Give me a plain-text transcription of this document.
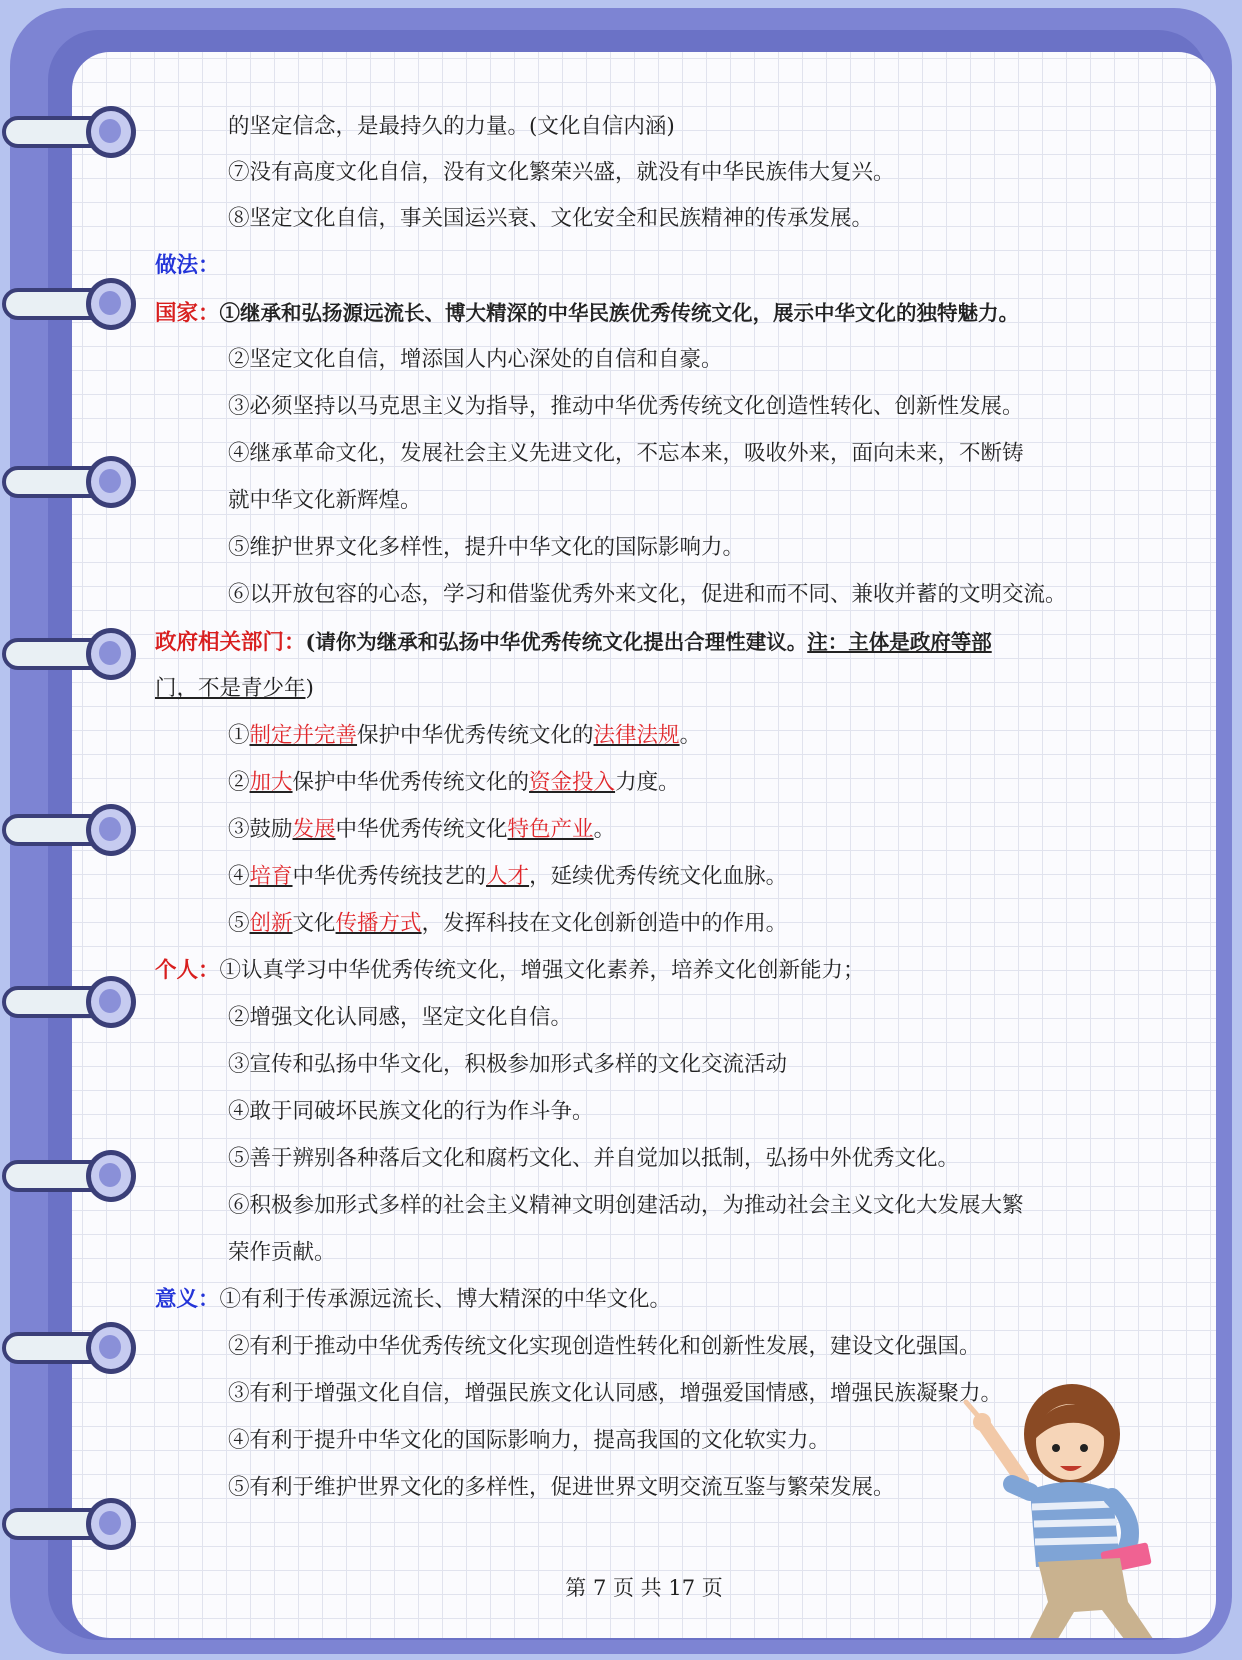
的坚定信念，是最持久的力量。(文化自信内涵)
⑦没有高度文化自信，没有文化繁荣兴盛，就没有中华民族伟大复兴。
⑧坚定文化自信，事关国运兴衰、文化安全和民族精神的传承发展。
做法：
国家：①继承和弘扬源远流长、博大精深的中华民族优秀传统文化，展示中华文化的独特魅力。
②坚定文化自信，增添国人内心深处的自信和自豪。
③必须坚持以马克思主义为指导，推动中华优秀传统文化创造性转化、创新性发展。
④继承革命文化，发展社会主义先进文化，不忘本来，吸收外来，面向未来，不断铸
就中华文化新辉煌。
⑤维护世界文化多样性，提升中华文化的国际影响力。
⑥以开放包容的心态，学习和借鉴优秀外来文化，促进和而不同、兼收并蓄的文明交流。
政府相关部门：(请你为继承和弘扬中华优秀传统文化提出合理性建议。注：主体是政府等部
门，不是青少年)
①制定并完善保护中华优秀传统文化的法律法规。
②加大保护中华优秀传统文化的资金投入力度。
③鼓励发展中华优秀传统文化特色产业。
④培育中华优秀传统技艺的人才，延续优秀传统文化血脉。
⑤创新文化传播方式，发挥科技在文化创新创造中的作用。
个人：①认真学习中华优秀传统文化，增强文化素养，培养文化创新能力；
②增强文化认同感，坚定文化自信。
③宣传和弘扬中华文化，积极参加形式多样的文化交流活动
④敢于同破坏民族文化的行为作斗争。
⑤善于辨别各种落后文化和腐朽文化、并自觉加以抵制，弘扬中外优秀文化。
⑥积极参加形式多样的社会主义精神文明创建活动，为推动社会主义文化大发展大繁
荣作贡献。
意义：①有利于传承源远流长、博大精深的中华文化。
②有利于推动中华优秀传统文化实现创造性转化和创新性发展，建设文化强国。
③有利于增强文化自信，增强民族文化认同感，增强爱国情感，增强民族凝聚力。
④有利于提升中华文化的国际影响力，提高我国的文化软实力。
⑤有利于维护世界文化的多样性，促进世界文明交流互鉴与繁荣发展。
第 7 页 共 17 页
